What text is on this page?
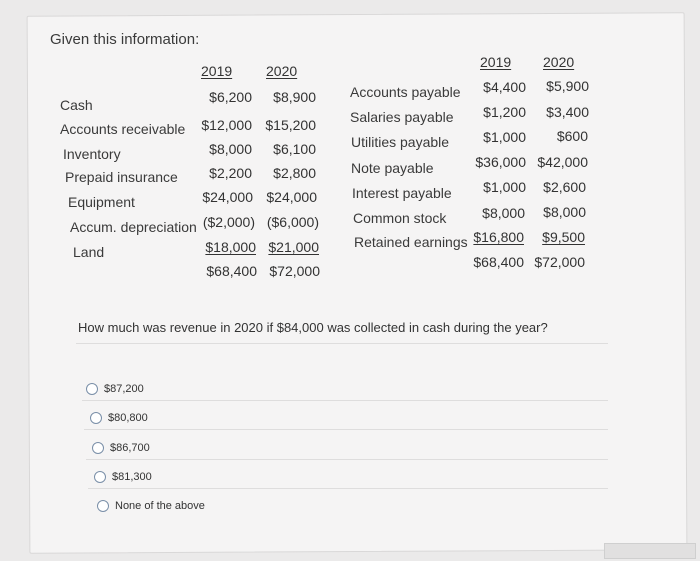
Given this information:
2019 2020
Cash	$6,200	$8,900
Accounts receivable	$12,000 $15,200
Inventory	$8,000	$6,100
Prepaid insurance	$2,200	$2,800
Equipment	$24,000 $24,000
Accum. depreciation ($2,000) ($6,000)
Land	$18,000 $21,000
$68,400 $72,000
2019 2020
Accounts payable	$4,400	$5,900
Salaries payable	$1,200	$3,400
Utilities payable	$1,000	$600
Note payable	$36,000 $42,000
Interest payable	$1,000	$2,600
Common stock	$8,000	$8,000
Retained earnings $16,800	$9,500
$68,400 $72,000
How much was revenue in 2020 if $84,000 was collected in cash during the year?
$87,200
$80,800
$86,700
$81,300
None of the above
